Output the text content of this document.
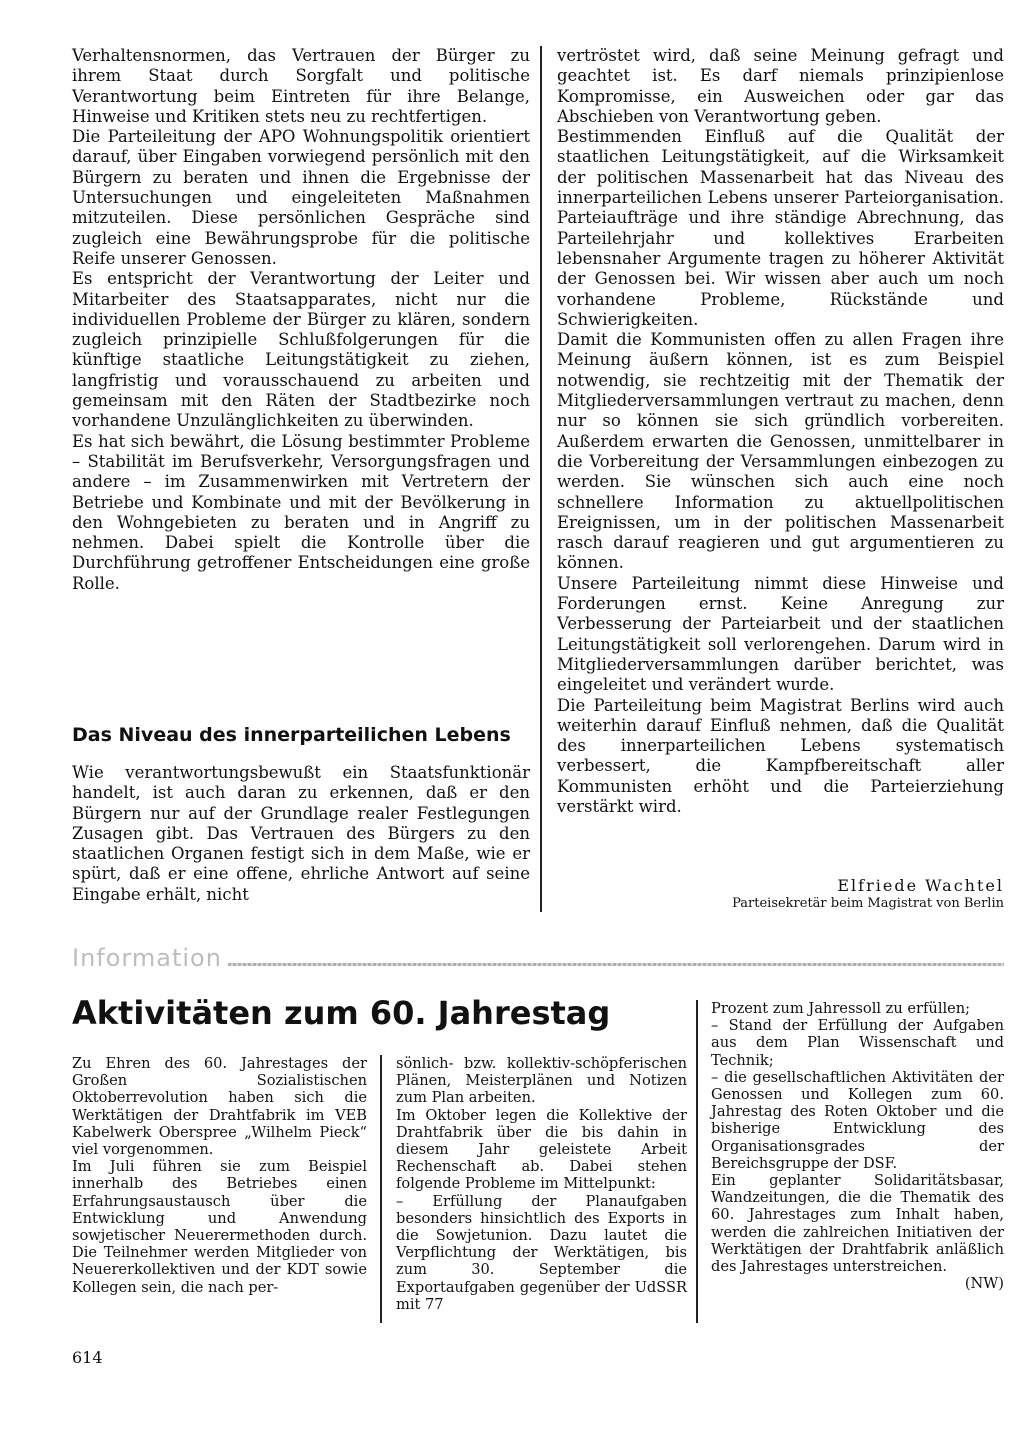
Verhaltensnormen, das Vertrauen der Bürger zu ihrem Staat durch Sorgfalt und politische Verantwortung beim Eintreten für ihre Belange, Hinweise und Kritiken stets neu zu rechtfertigen.

Die Parteileitung der APO Wohnungspolitik orientiert darauf, über Eingaben vorwiegend persönlich mit den Bürgern zu beraten und ihnen die Ergebnisse der Untersuchungen und eingeleiteten Maßnahmen mitzuteilen. Diese persönlichen Gespräche sind zugleich eine Bewährungsprobe für die politische Reife unserer Genossen.

Es entspricht der Verantwortung der Leiter und Mitarbeiter des Staatsapparates, nicht nur die individuellen Probleme der Bürger zu klären, sondern zugleich prinzipielle Schlußfolgerungen für die künftige staatliche Leitungstätigkeit zu ziehen, langfristig und vorausschauend zu arbeiten und gemeinsam mit den Räten der Stadtbezirke noch vorhandene Unzulänglichkeiten zu überwinden.

Es hat sich bewährt, die Lösung bestimmter Probleme – Stabilität im Berufsverkehr, Versorgungsfragen und andere – im Zusammenwirken mit Vertretern der Betriebe und Kombinate und mit der Bevölkerung in den Wohngebieten zu beraten und in Angriff zu nehmen. Dabei spielt die Kontrolle über die Durchführung getroffener Entscheidungen eine große Rolle.

Das Niveau des innerparteilichen Lebens

Wie verantwortungsbewußt ein Staatsfunktionär handelt, ist auch daran zu erkennen, daß er den Bürgern nur auf der Grundlage realer Festlegungen Zusagen gibt. Das Vertrauen des Bürgers zu den staatlichen Organen festigt sich in dem Maße, wie er spürt, daß er eine offene, ehrliche Antwort auf seine Eingabe erhält, nicht

vertröstet wird, daß seine Meinung gefragt und geachtet ist. Es darf niemals prinzipienlose Kompromisse, ein Ausweichen oder gar das Abschieben von Verantwortung geben.

Bestimmenden Einfluß auf die Qualität der staatlichen Leitungstätigkeit, auf die Wirksamkeit der politischen Massenarbeit hat das Niveau des innerparteilichen Lebens unserer Parteiorganisation. Parteiaufträge und ihre ständige Abrechnung, das Parteilehrjahr und kollektives Erarbeiten lebensnaher Argumente tragen zu höherer Aktivität der Genossen bei. Wir wissen aber auch um noch vorhandene Probleme, Rückstände und Schwierigkeiten.

Damit die Kommunisten offen zu allen Fragen ihre Meinung äußern können, ist es zum Beispiel notwendig, sie rechtzeitig mit der Thematik der Mitgliederversammlungen vertraut zu machen, denn nur so können sie sich gründlich vorbereiten. Außerdem erwarten die Genossen, unmittelbarer in die Vorbereitung der Versammlungen einbezogen zu werden. Sie wünschen sich auch eine noch schnellere Information zu aktuellpolitischen Ereignissen, um in der politischen Massenarbeit rasch darauf reagieren und gut argumentieren zu können.

Unsere Parteileitung nimmt diese Hinweise und Forderungen ernst. Keine Anregung zur Verbesserung der Parteiarbeit und der staatlichen Leitungstätigkeit soll verlorengehen. Darum wird in Mitgliederversammlungen darüber berichtet, was eingeleitet und verändert wurde.

Die Parteileitung beim Magistrat Berlins wird auch weiterhin darauf Einfluß nehmen, daß die Qualität des innerparteilichen Lebens systematisch verbessert, die Kampfbereitschaft aller Kommunisten erhöht und die Parteierziehung verstärkt wird.

Elfriede Wachtel

Parteisekretär beim Magistrat von Berlin

Information

Aktivitäten zum 60. Jahrestag

Zu Ehren des 60. Jahrestages der Großen Sozialistischen Oktoberrevolution haben sich die Werktätigen der Drahtfabrik im VEB Kabelwerk Oberspree „Wilhelm Pieck“ viel vorgenommen.

Im Juli führen sie zum Beispiel innerhalb des Betriebes einen Erfahrungsaustausch über die Entwicklung und Anwendung sowjetischer Neuerermethoden durch. Die Teilnehmer werden Mitglieder von Neuererkollektiven und der KDT sowie Kollegen sein, die nach per-

sönlich- bzw. kollektiv-schöpferischen Plänen, Meisterplänen und Notizen zum Plan arbeiten.

Im Oktober legen die Kollektive der Drahtfabrik über die bis dahin in diesem Jahr geleistete Arbeit Rechenschaft ab. Dabei stehen folgende Probleme im Mittelpunkt:

– Erfüllung der Planaufgaben besonders hinsichtlich des Exports in die Sowjetunion. Dazu lautet die Verpflichtung der Werktätigen, bis zum 30. September die Exportaufgaben gegenüber der UdSSR mit 77

Prozent zum Jahressoll zu erfüllen;

– Stand der Erfüllung der Aufgaben aus dem Plan Wissenschaft und Technik;

– die gesellschaftlichen Aktivitäten der Genossen und Kollegen zum 60. Jahrestag des Roten Oktober und die bisherige Entwicklung des Organisationsgrades der Bereichsgruppe der DSF.

Ein geplanter Solidaritätsbasar, Wandzeitungen, die die Thematik des 60. Jahrestages zum Inhalt haben, werden die zahlreichen Initiativen der Werktätigen der Drahtfabrik anläßlich des Jahrestages unterstreichen.

(NW)

614
